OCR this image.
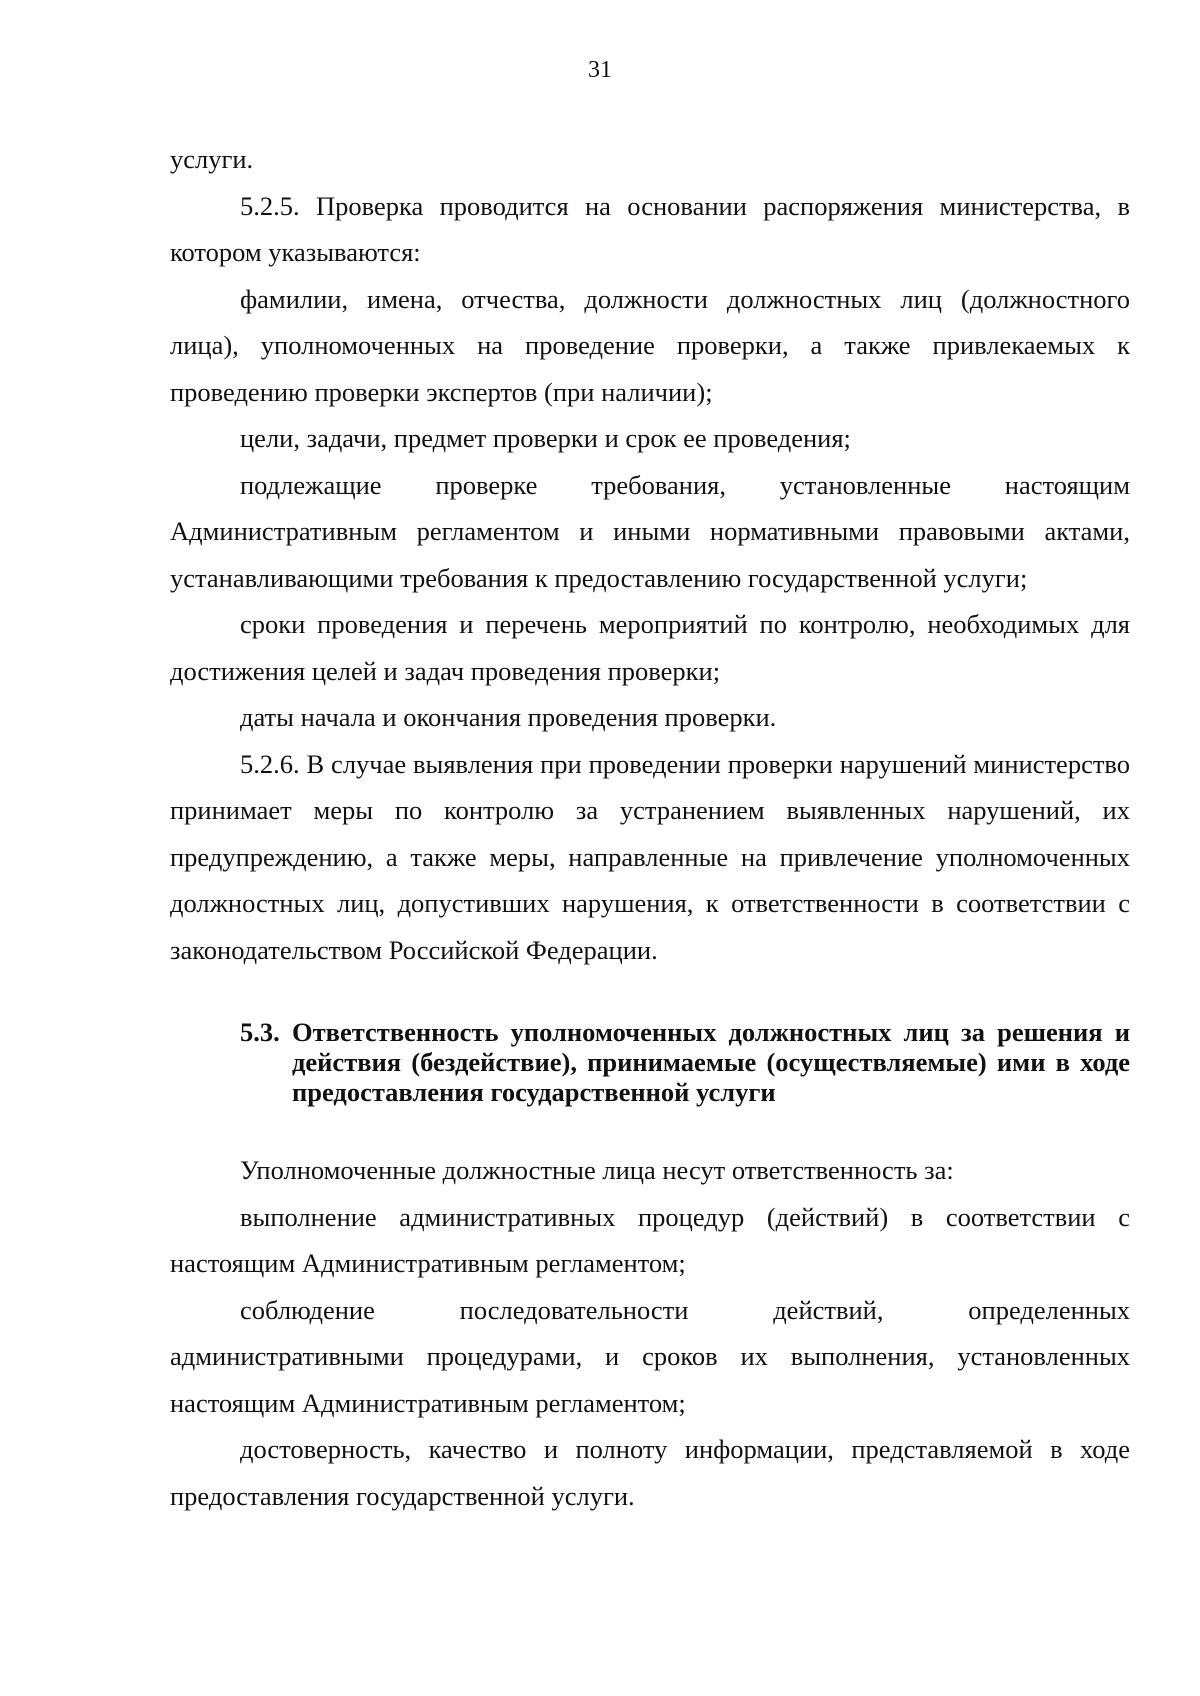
31

услуги.

5.2.5. Проверка проводится на основании распоряжения министерства, в котором указываются:

фамилии, имена, отчества, должности должностных лиц (должностного лица), уполномоченных на проведение проверки, а также привлекаемых к проведению проверки экспертов (при наличии);

цели, задачи, предмет проверки и срок ее проведения;

подлежащие проверке требования, установленные настоящим Административным регламентом и иными нормативными правовыми актами, устанавливающими требования к предоставлению государственной услуги;

сроки проведения и перечень мероприятий по контролю, необходимых для достижения целей и задач проведения проверки;

даты начала и окончания проведения проверки.

5.2.6. В случае выявления при проведении проверки нарушений министерство принимает меры по контролю за устранением выявленных нарушений, их предупреждению, а также меры, направленные на привлечение уполномоченных должностных лиц, допустивших нарушения, к ответственности в соответствии с законодательством Российской Федерации.

5.3. Ответственность уполномоченных должностных лиц за решения и действия (бездействие), принимаемые (осуществляемые) ими в ходе предоставления государственной услуги

Уполномоченные должностные лица несут ответственность за:

выполнение административных процедур (действий) в соответствии с настоящим Административным регламентом;

соблюдение последовательности действий, определенных административными процедурами, и сроков их выполнения, установленных настоящим Административным регламентом;

достоверность, качество и полноту информации, представляемой в ходе предоставления государственной услуги.
